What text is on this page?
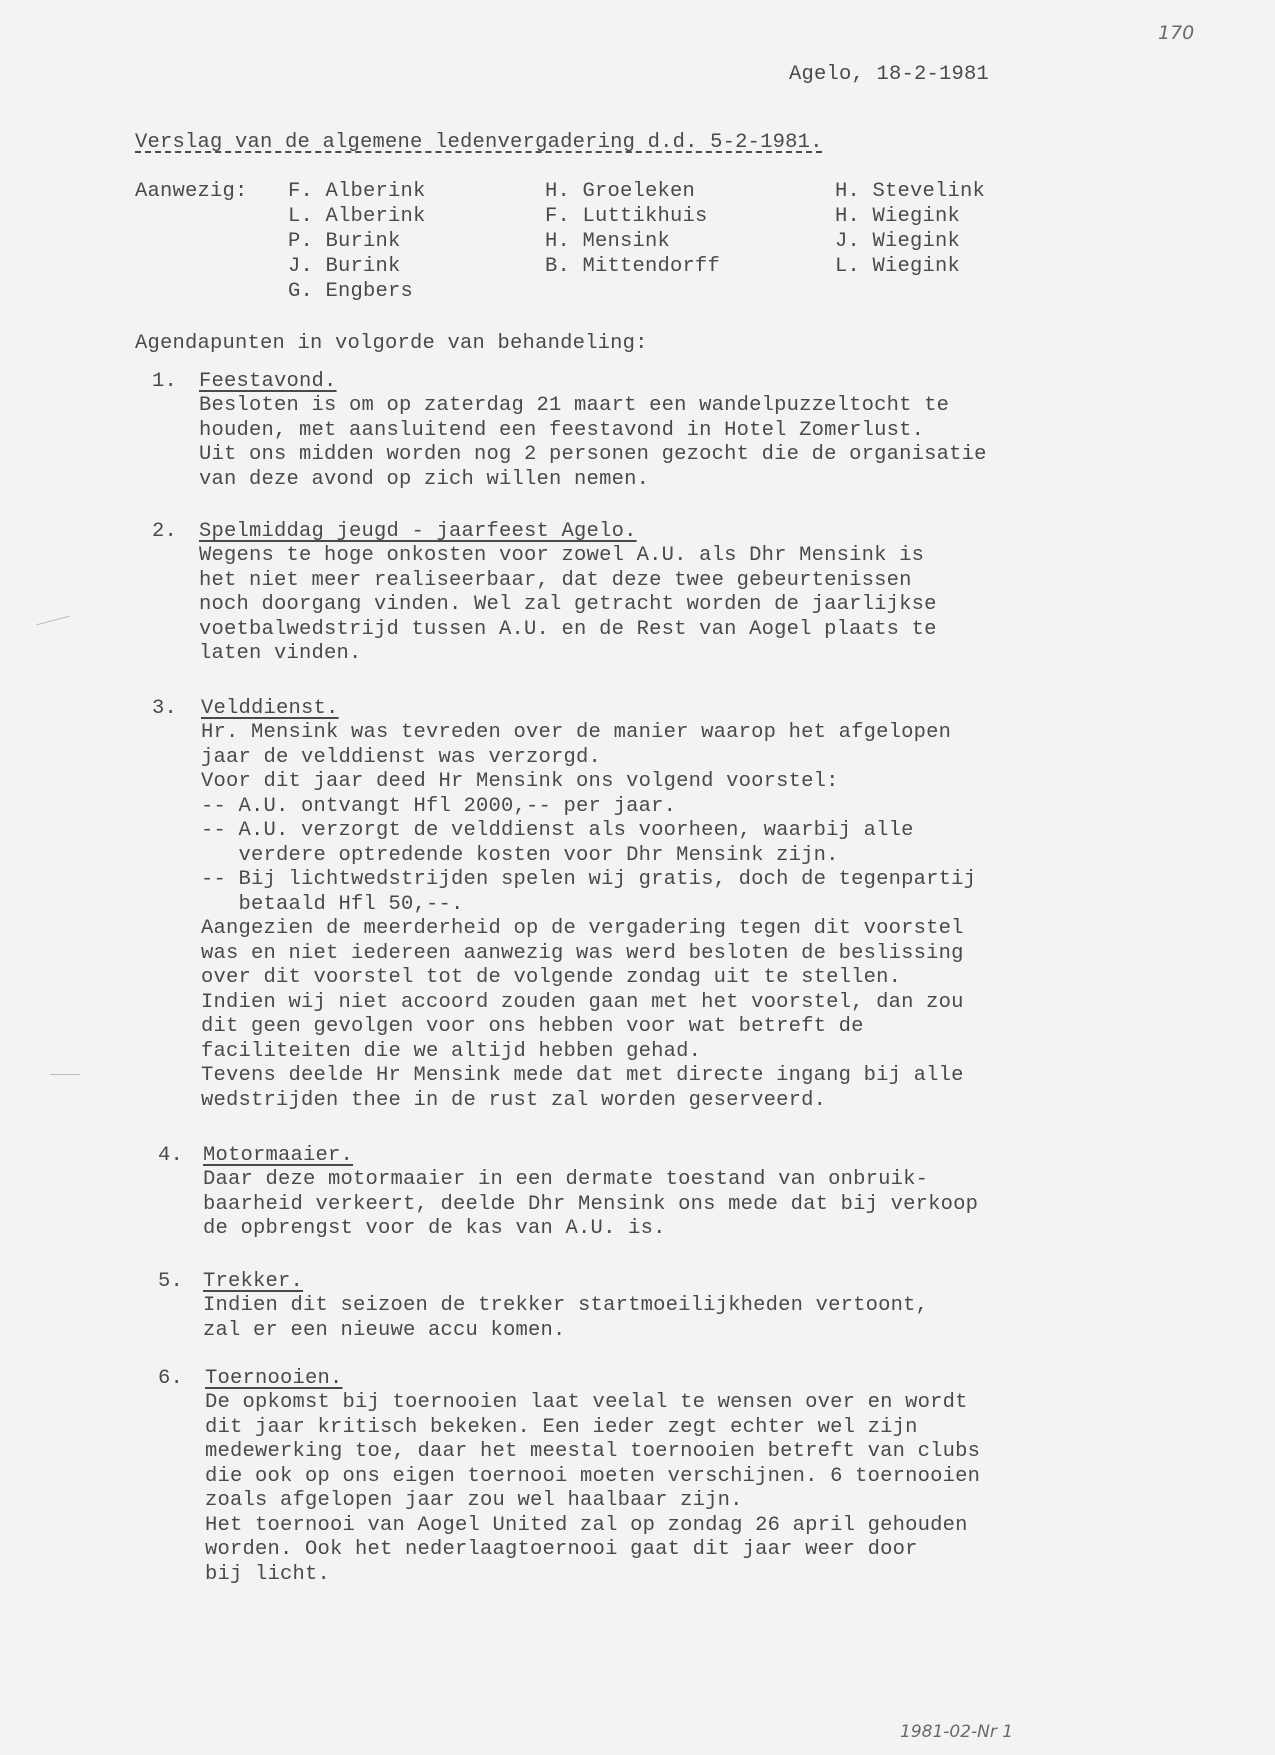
170
Agelo, 18-2-1981
Verslag van de algemene ledenvergadering d.d. 5-2-1981.
Aanwezig: F. Alberink
L. Alberink
P. Burink
J. Burink
G. Engbers
H. Groeleken
F. Luttikhuis
H. Mensink
B. Mittendorff
H. Stevelink
H. Wiegink
J. Wiegink
L. Wiegink
Agendapunten in volgorde van behandeling:
1. Feestavond.
Besloten is om op zaterdag 21 maart een wandelpuzzeltocht te
houden, met aansluitend een feestavond in Hotel Zomerlust.
Uit ons midden worden nog 2 personen gezocht die de organisatie
van deze avond op zich willen nemen.
2. Spelmiddag jeugd - jaarfeest Agelo.
Wegens te hoge onkosten voor zowel A.U. als Dhr Mensink is
het niet meer realiseerbaar, dat deze twee gebeurtenissen
noch doorgang vinden. Wel zal getracht worden de jaarlijkse
voetbalwedstrijd tussen A.U. en de Rest van Aogel plaats te
laten vinden.
3. Velddienst.
Hr. Mensink was tevreden over de manier waarop het afgelopen
jaar de velddienst was verzorgd.
Voor dit jaar deed Hr Mensink ons volgend voorstel:
-- A.U. ontvangt Hfl 2000,-- per jaar.
-- A.U. verzorgt de velddienst als voorheen, waarbij alle
verdere optredende kosten voor Dhr Mensink zijn.
-- Bij lichtwedstrijden spelen wij gratis, doch de tegenpartij
betaald Hfl 50,--.
Aangezien de meerderheid op de vergadering tegen dit voorstel
was en niet iedereen aanwezig was werd besloten de beslissing
over dit voorstel tot de volgende zondag uit te stellen.
Indien wij niet accoord zouden gaan met het voorstel, dan zou
dit geen gevolgen voor ons hebben voor wat betreft de
faciliteiten die we altijd hebben gehad.
Tevens deelde Hr Mensink mede dat met directe ingang bij alle
wedstrijden thee in de rust zal worden geserveerd.
4. Motormaaier.
Daar deze motormaaier in een dermate toestand van onbruik-
baarheid verkeert, deelde Dhr Mensink ons mede dat bij verkoop
de opbrengst voor de kas van A.U. is.
5. Trekker.
Indien dit seizoen de trekker startmoeilijkheden vertoont,
zal er een nieuwe accu komen.
6. Toernooien.
De opkomst bij toernooien laat veelal te wensen over en wordt
dit jaar kritisch bekeken. Een ieder zegt echter wel zijn
medewerking toe, daar het meestal toernooien betreft van clubs
die ook op ons eigen toernooi moeten verschijnen. 6 toernooien
zoals afgelopen jaar zou wel haalbaar zijn.
Het toernooi van Aogel United zal op zondag 26 april gehouden
worden. Ook het nederlaagtoernooi gaat dit jaar weer door
bij licht.
1981-02-Nr 1
